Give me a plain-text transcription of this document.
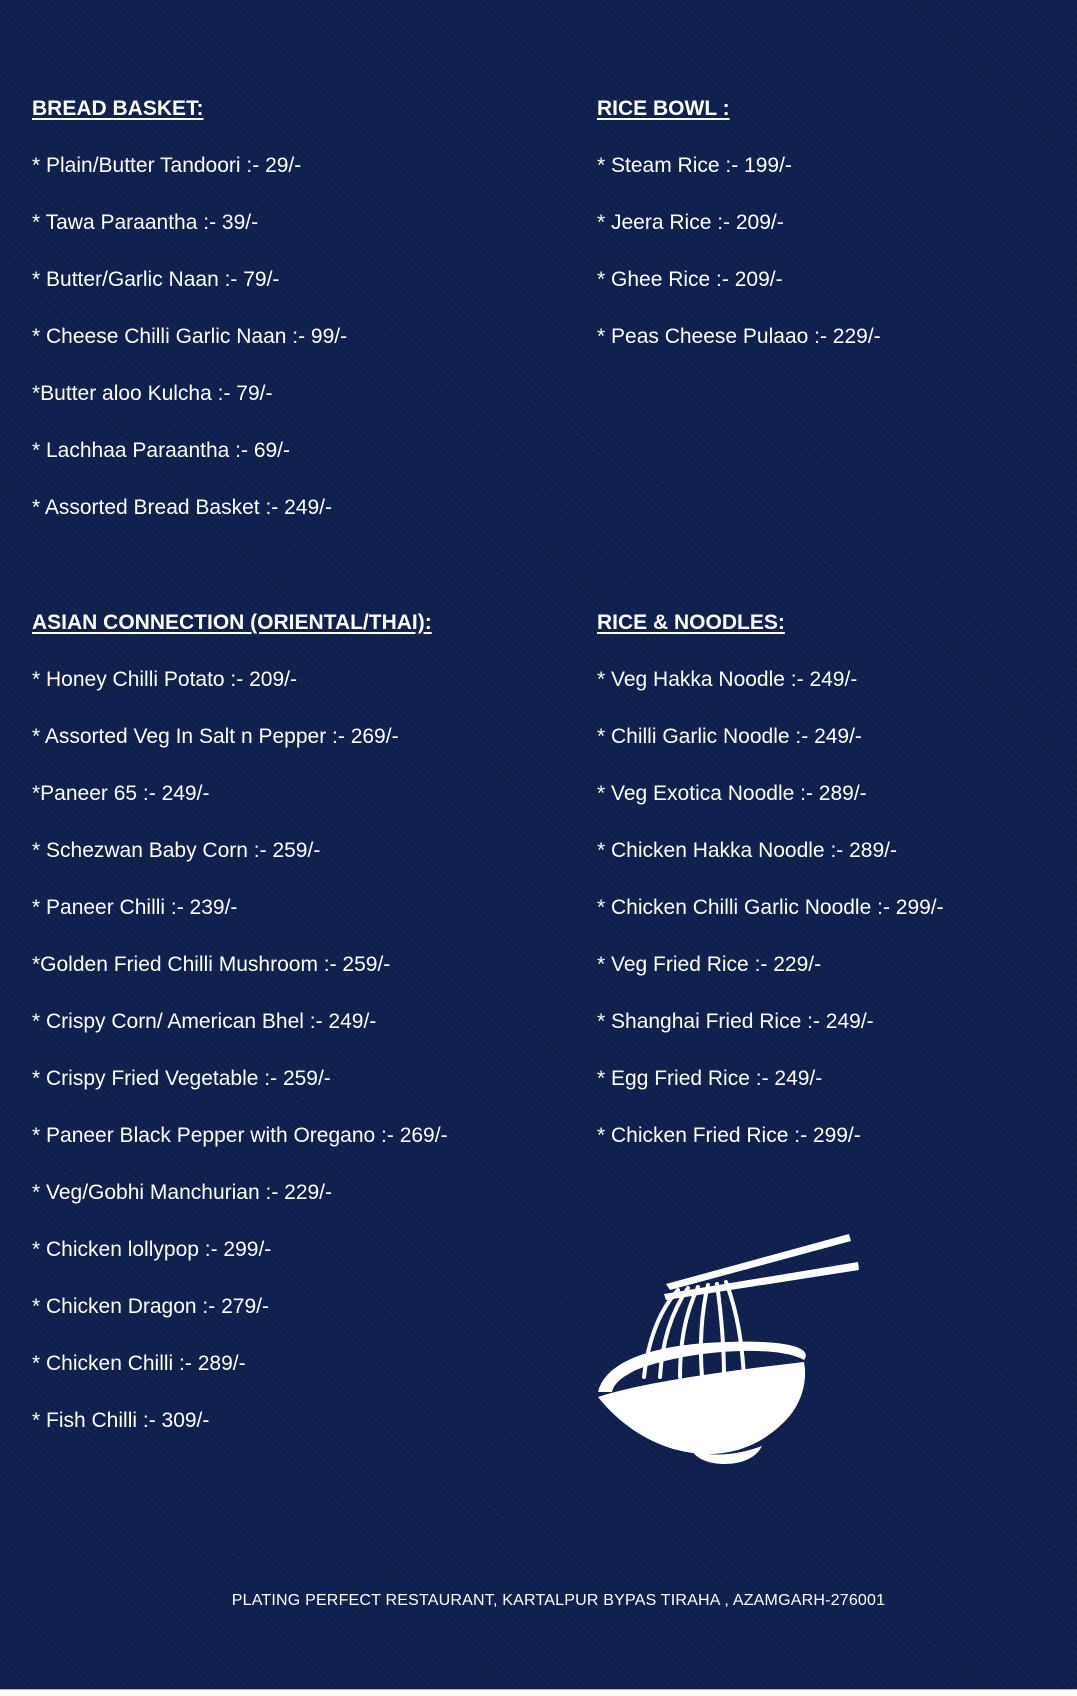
BREAD BASKET:
* Plain/Butter Tandoori :- 29/-
* Tawa Paraantha :- 39/-
* Butter/Garlic Naan :- 79/-
* Cheese Chilli Garlic Naan :- 99/-
*Butter aloo Kulcha :- 79/-
* Lachhaa Paraantha :- 69/-
* Assorted Bread Basket :- 249/-
RICE BOWL :
* Steam Rice :- 199/-
* Jeera Rice :- 209/-
* Ghee Rice :- 209/-
* Peas Cheese Pulaao :- 229/-
ASIAN CONNECTION (ORIENTAL/THAI):
* Honey Chilli Potato :- 209/-
* Assorted Veg In Salt n Pepper :- 269/-
*Paneer 65 :- 249/-
* Schezwan Baby Corn :- 259/-
* Paneer Chilli :- 239/-
*Golden Fried Chilli Mushroom :- 259/-
* Crispy Corn/ American Bhel :- 249/-
* Crispy Fried Vegetable :- 259/-
* Paneer Black Pepper with Oregano :- 269/-
* Veg/Gobhi Manchurian :- 229/-
* Chicken lollypop :- 299/-
* Chicken Dragon :- 279/-
* Chicken Chilli :- 289/-
* Fish Chilli :- 309/-
RICE & NOODLES:
* Veg Hakka Noodle :- 249/-
* Chilli Garlic Noodle :- 249/-
* Veg Exotica Noodle :- 289/-
* Chicken Hakka Noodle :- 289/-
* Chicken Chilli Garlic Noodle :- 299/-
* Veg Fried Rice :- 229/-
* Shanghai Fried Rice :- 249/-
* Egg Fried Rice :- 249/-
* Chicken Fried Rice :- 299/-
PLATING PERFECT RESTAURANT, KARTALPUR BYPAS TIRAHA , AZAMGARH-276001
